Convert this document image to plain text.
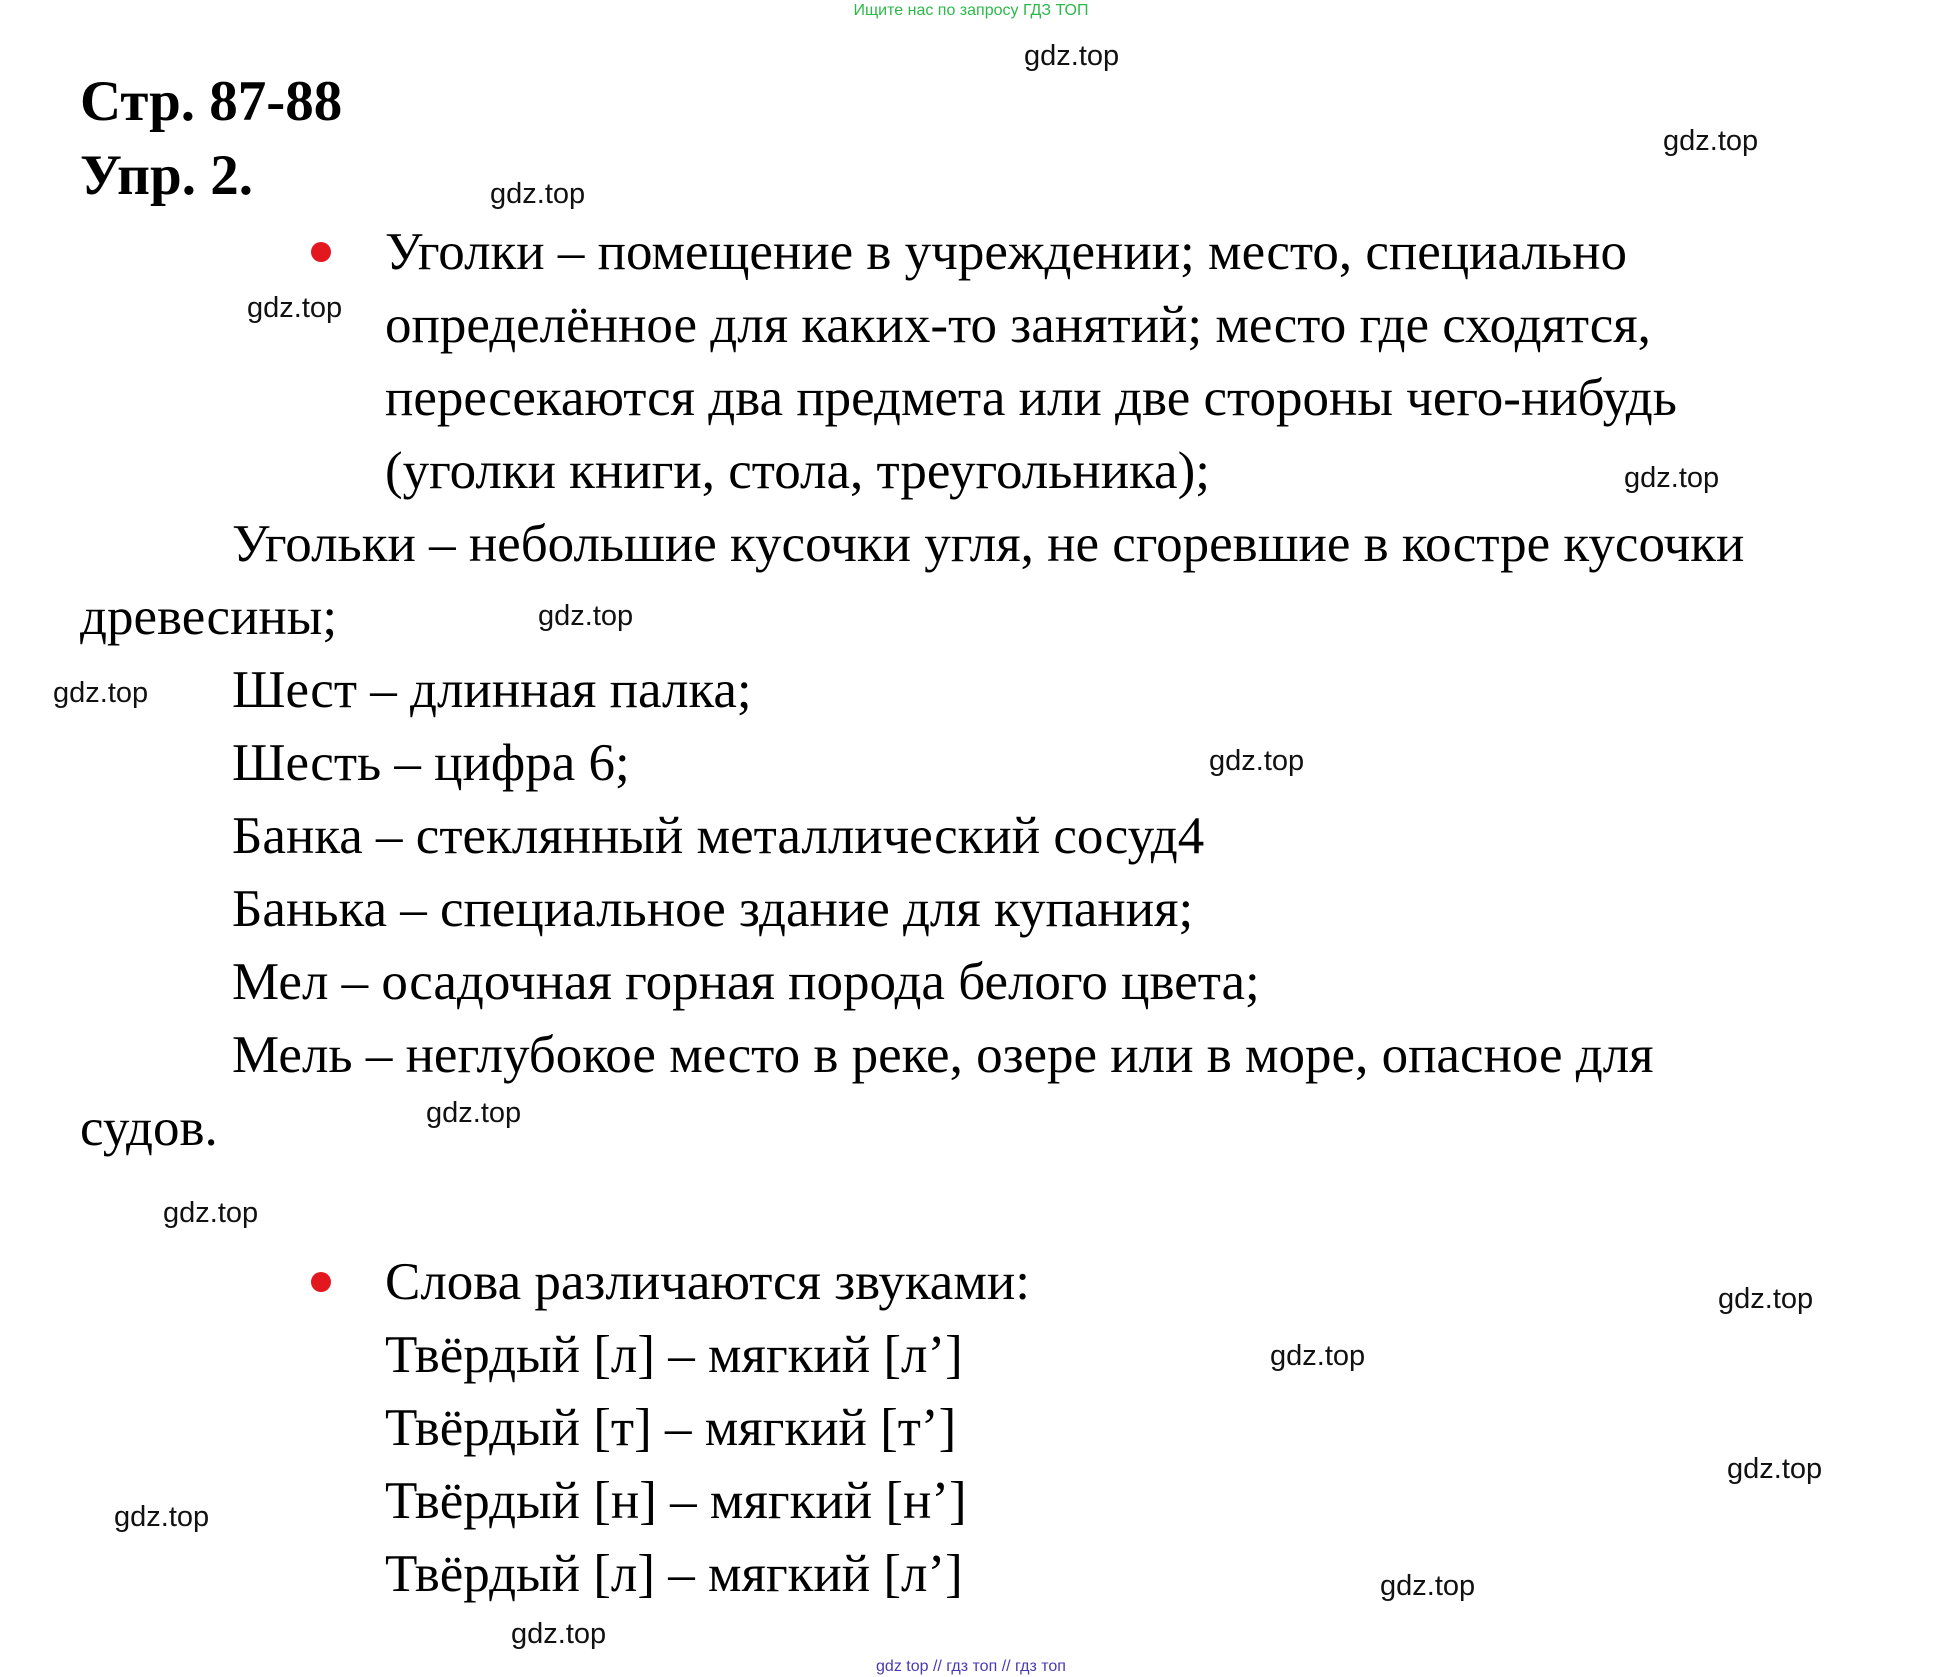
Ищите нас по запросу ГДЗ ТОП
Стр. 87-88
Упр. 2.
Уголки – помещение в учреждении; место, специально
определённое для каких-то занятий; место где сходятся,
пересекаются два предмета или две стороны чего-нибудь
(уголки книги, стола, треугольника);
Угольки – небольшие кусочки угля, не сгоревшие в костре кусочки
древесины;
Шест – длинная палка;
Шесть – цифра 6;
Банка – стеклянный металлический сосуд4
Банька – специальное здание для купания;
Мел – осадочная горная порода белого цвета;
Мель – неглубокое место в реке, озере или в море, опасное для
судов.
Слова различаются звуками:
Твёрдый [л] – мягкий [л’]
Твёрдый [т] – мягкий [т’]
Твёрдый [н] – мягкий [н’]
Твёрдый [л] – мягкий [л’]
gdz.top
gdz.top
gdz.top
gdz.top
gdz.top
gdz.top
gdz.top
gdz.top
gdz.top
gdz.top
gdz.top
gdz.top
gdz.top
gdz.top
gdz.top
gdz.top
gdz top // гдз топ // гдз топ
